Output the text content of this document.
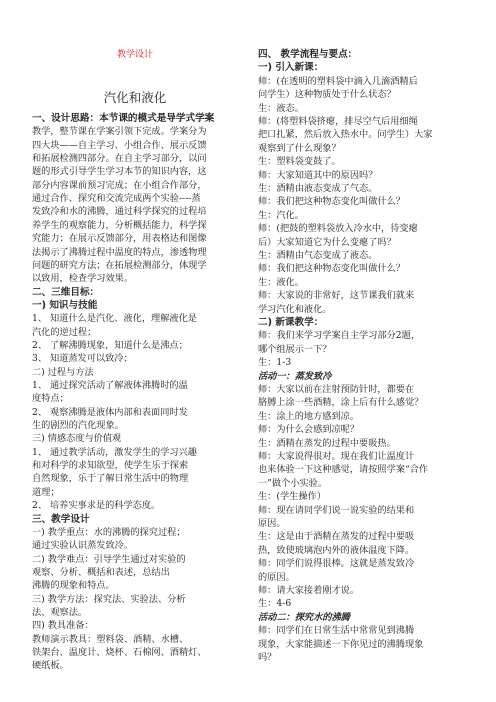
教学设计
汽化和液化
一、设计思路：本节课的模式是导学式学案
教学，整节课在学案引领下完成。学案分为
四大块——自主学习、小组合作、展示反馈
和拓展检测四部分。在自主学习部分，以问
题的形式引导学生学习本节的知识内容，这
部分内容课前预习完成；在小组合作部分，
通过合作、探究和交流完成两个实验----蒸
发致冷和水的沸腾，通过科学探究的过程培
养学生的观察能力，分析概括能力，科学探
究能力；在展示反馈部分，用表格达和图像
法揭示了沸腾过程中温度的特点，渗透物理
问题的研究方法；在拓展检测部分，体现学
以致用，检查学习效果。
二、三维目标：
一) 知识与技能
1、 知道什么是汽化、液化，理解液化是
汽化的逆过程；
2、 了解沸腾现象，知道什么是沸点；
3、 知道蒸发可以致冷；
二) 过程与方法
1、 通过探究活动了解液体沸腾时的温
度特点；
2、 观察沸腾是液体内部和表面同时发
生的剧烈的汽化现象。
三) 情感态度与价值观
1、 通过教学活动，激发学生的学习兴趣
和对科学的求知欲望，使学生乐于探索
自然现象，乐于了解日常生活中的物理
道理；
2、 培养实事求是的科学态度。
三、教学设计
一) 教学重点：水的沸腾的探究过程；
通过实验认识蒸发致冷。
二) 教学难点：引导学生通过对实验的
观察、分析、概括和表述，总结出
沸腾的现象和特点。
三) 教学方法：探究法、实验法、分析
法、观察法。
四) 教具准备：
教师演示教具：塑料袋、酒精、水槽、
铁架台、温度计、烧杯、石棉网、酒精灯、
硬纸板。
四、 教学流程与要点：
一) 引入新课：
师：(在透明的塑料袋中滴入几滴酒精后
问学生）这种物质处于什么状态？
生：液态。
师：(将塑料袋挤瘪，排尽空气后用细绳
把口扎紧，然后放入热水中。问学生）大家
观察到了什么现象？
生：塑料袋变鼓了。
师：大家知道其中的原因吗？
生：酒精由液态变成了气态。
师：我们把这种物态变化叫做什么？
生：汽化。
师：(把鼓的塑料袋放入冷水中，待变瘪
后）大家知道它为什么变瘪了吗？
生：酒精由气态变成了液态。
师：我们把这种物态变化叫做什么？
生：液化。
师：大家说的非常好，这节课我们就来
学习汽化和液化。
二) 新课教学：
师：我们来学习学案自主学习部分2题，
哪个组展示一下？
生：1-3
活动一：蒸发致冷
师：大家以前在注射预防针时，都要在
胳膊上涂一些酒精，涂上后有什么感觉？
生：涂上的地方感到凉。
师：为什么会感到凉呢？
生：酒精在蒸发的过程中要吸热。
师：大家说得很对。现在我们让温度计
也来体验一下这种感觉，请按照学案“合作
一”做个小实验。
生：(学生操作）
师：现在请同学们说一说实验的结果和
原因。
生：这是由于酒精在蒸发的过程中要吸
热，致使玻璃泡内外的液体温度下降。
师：同学们说得很棒。这就是蒸发致冷
的原因。
师：请大家接着刚才说。
生：4-6
活动二：探究水的沸腾
师：同学们在日常生活中常常见到沸腾
现象，大家能描述一下你见过的沸腾现象
吗？
